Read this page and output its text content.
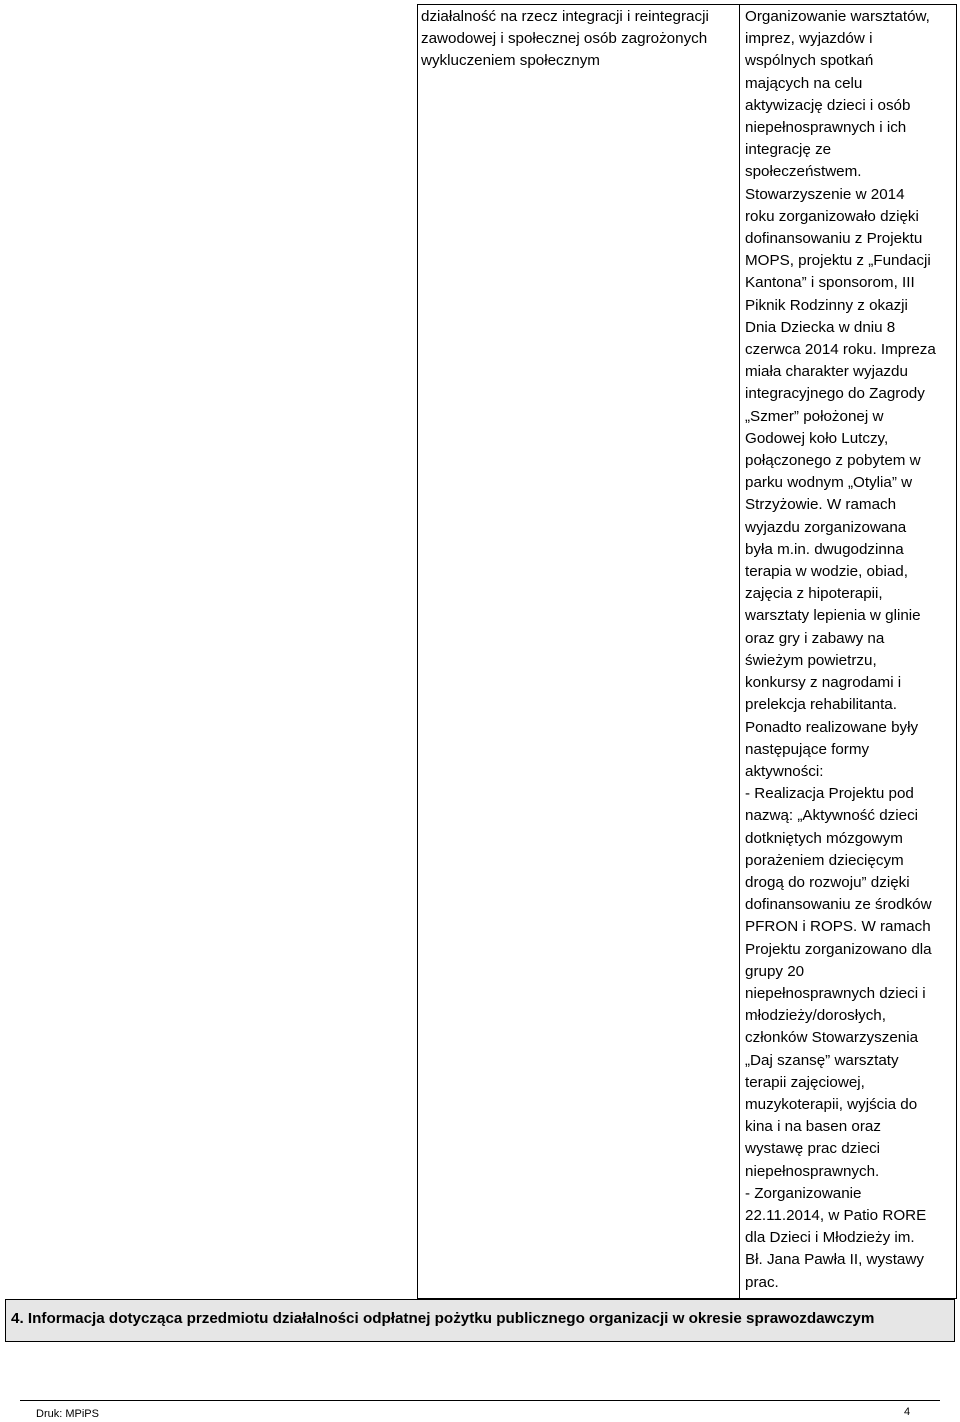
działalność na rzecz integracji i reintegracji
zawodowej i społecznej osób zagrożonych
wykluczeniem społecznym
Organizowanie warsztatów,
imprez, wyjazdów i
wspólnych spotkań
mających na celu
aktywizację dzieci i osób
niepełnosprawnych i ich
integrację ze
społeczeństwem.
Stowarzyszenie w 2014
roku zorganizowało dzięki
dofinansowaniu z Projektu
MOPS, projektu z „Fundacji
Kantona” i sponsorom, III
Piknik Rodzinny z okazji
Dnia Dziecka w dniu 8
czerwca 2014 roku. Impreza
miała charakter wyjazdu
integracyjnego do Zagrody
„Szmer” położonej w
Godowej koło Lutczy,
połączonego z pobytem w
parku wodnym „Otylia” w
Strzyżowie. W ramach
wyjazdu zorganizowana
była m.in. dwugodzinna
terapia w wodzie, obiad,
zajęcia z hipoterapii,
warsztaty lepienia w glinie
oraz gry i zabawy na
świeżym powietrzu,
konkursy z nagrodami i
prelekcja rehabilitanta.
Ponadto realizowane były
następujące formy
aktywności:
- Realizacja Projektu pod
nazwą: „Aktywność dzieci
dotkniętych mózgowym
porażeniem dziecięcym
drogą do rozwoju” dzięki
dofinansowaniu ze środków
PFRON i ROPS. W ramach
Projektu zorganizowano dla
grupy 20
niepełnosprawnych dzieci i
młodzieży/dorosłych,
członków Stowarzyszenia
„Daj szansę” warsztaty
terapii zajęciowej,
muzykoterapii, wyjścia do
kina i na basen oraz
wystawę prac dzieci
niepełnosprawnych.
- Zorganizowanie
22.11.2014, w Patio RORE
dla Dzieci i Młodzieży im.
Bł. Jana Pawła II, wystawy
prac.
4. Informacja dotycząca przedmiotu działalności odpłatnej pożytku publicznego organizacji w okresie sprawozdawczym
Druk: MPiPS	4
